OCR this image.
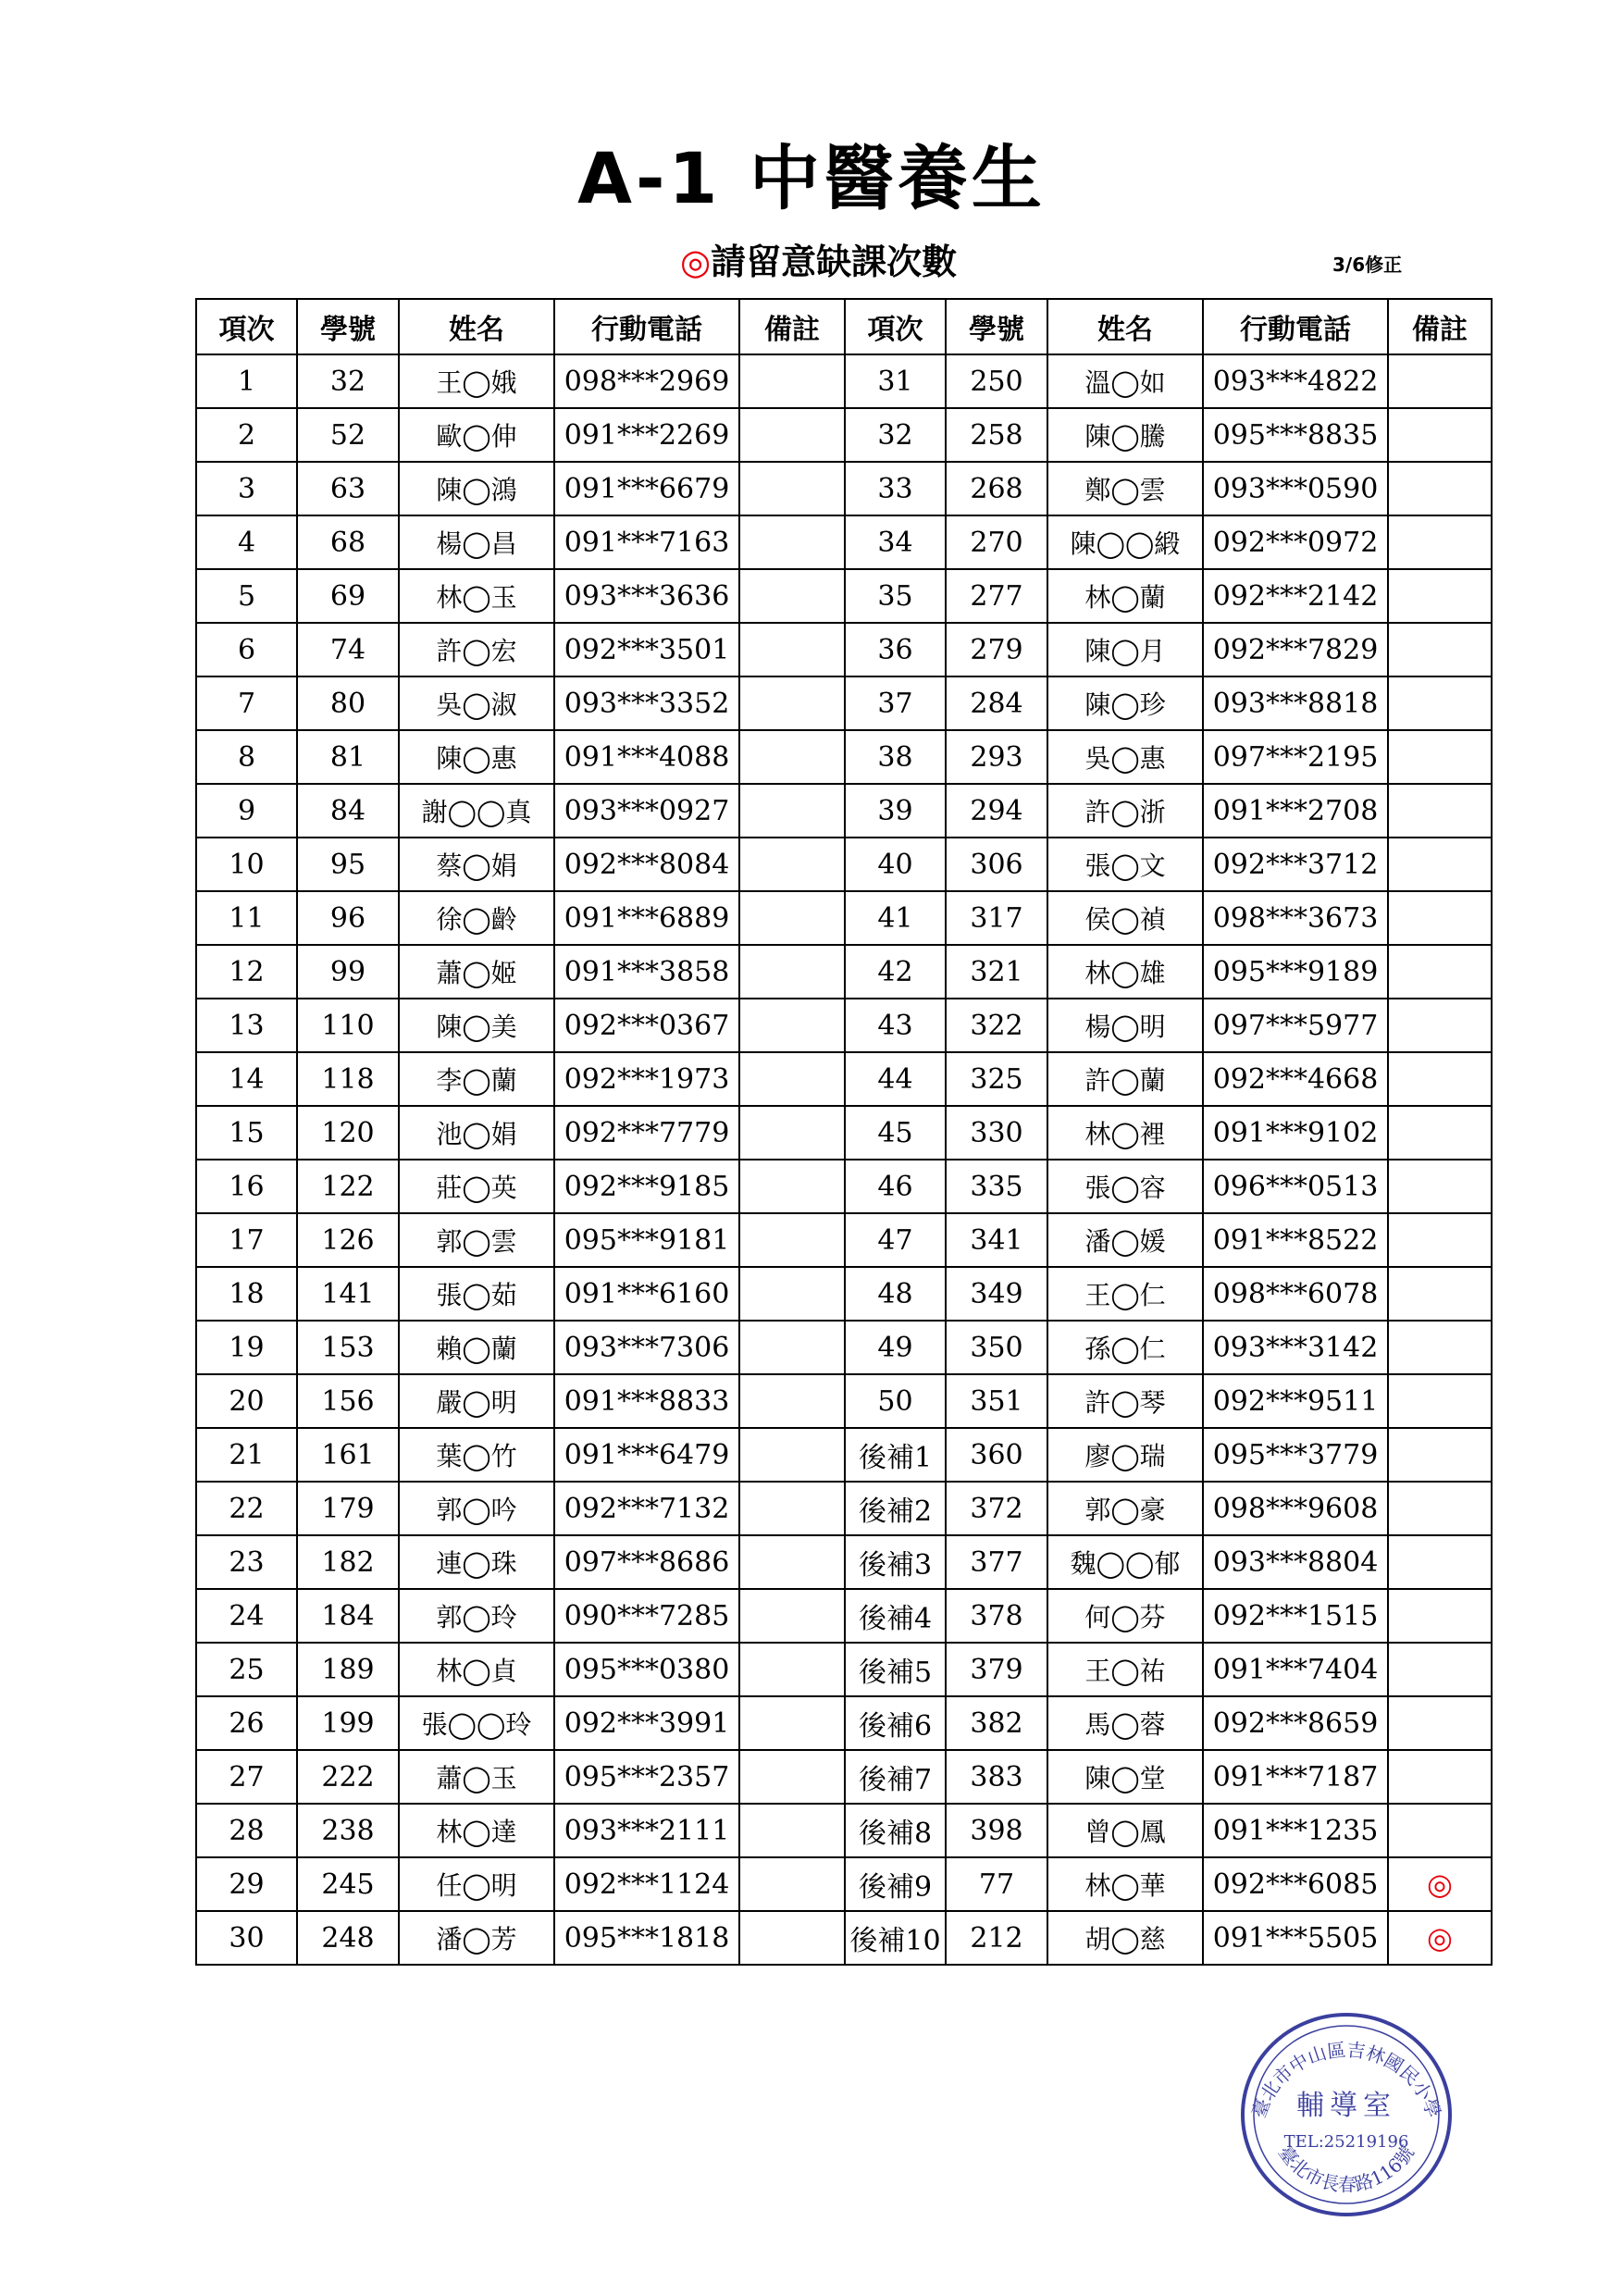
A-1 中醫養生
◎請留意缺課次數	3/6修正
項次	學號	姓名	行動電話	備註	項次	學號	姓名	行動電話	備註
1	32	王◯娥	098***2969		31	250	溫◯如	093***4822	
2	52	歐◯伸	091***2269		32	258	陳◯騰	095***8835	
3	63	陳◯鴻	091***6679		33	268	鄭◯雲	093***0590	
4	68	楊◯昌	091***7163		34	270	陳◯◯緞	092***0972	
5	69	林◯玉	093***3636		35	277	林◯蘭	092***2142	
6	74	許◯宏	092***3501		36	279	陳◯月	092***7829	
7	80	吳◯淑	093***3352		37	284	陳◯珍	093***8818	
8	81	陳◯惠	091***4088		38	293	吳◯惠	097***2195	
9	84	謝◯◯真	093***0927		39	294	許◯浙	091***2708	
10	95	蔡◯娟	092***8084		40	306	張◯文	092***3712	
11	96	徐◯齡	091***6889		41	317	侯◯禎	098***3673	
12	99	蕭◯姬	091***3858		42	321	林◯雄	095***9189	
13	110	陳◯美	092***0367		43	322	楊◯明	097***5977	
14	118	李◯蘭	092***1973		44	325	許◯蘭	092***4668	
15	120	池◯娟	092***7779		45	330	林◯裡	091***9102	
16	122	莊◯英	092***9185		46	335	張◯容	096***0513	
17	126	郭◯雲	095***9181		47	341	潘◯媛	091***8522	
18	141	張◯茹	091***6160		48	349	王◯仁	098***6078	
19	153	賴◯蘭	093***7306		49	350	孫◯仁	093***3142	
20	156	嚴◯明	091***8833		50	351	許◯琴	092***9511	
21	161	葉◯竹	091***6479		後補1	360	廖◯瑞	095***3779	
22	179	郭◯吟	092***7132		後補2	372	郭◯豪	098***9608	
23	182	連◯珠	097***8686		後補3	377	魏◯◯郁	093***8804	
24	184	郭◯玲	090***7285		後補4	378	何◯芬	092***1515	
25	189	林◯貞	095***0380		後補5	379	王◯祐	091***7404	
26	199	張◯◯玲	092***3991		後補6	382	馬◯蓉	092***8659	
27	222	蕭◯玉	095***2357		後補7	383	陳◯堂	091***7187	
28	238	林◯達	093***2111		後補8	398	曾◯鳳	091***1235	
29	245	任◯明	092***1124		後補9	77	林◯華	092***6085	◎
30	248	潘◯芳	095***1818		後補10	212	胡◯慈	091***5505	◎
臺北市中山區吉林國民小學
臺北市長春路116號
輔導室
TEL:25219196
